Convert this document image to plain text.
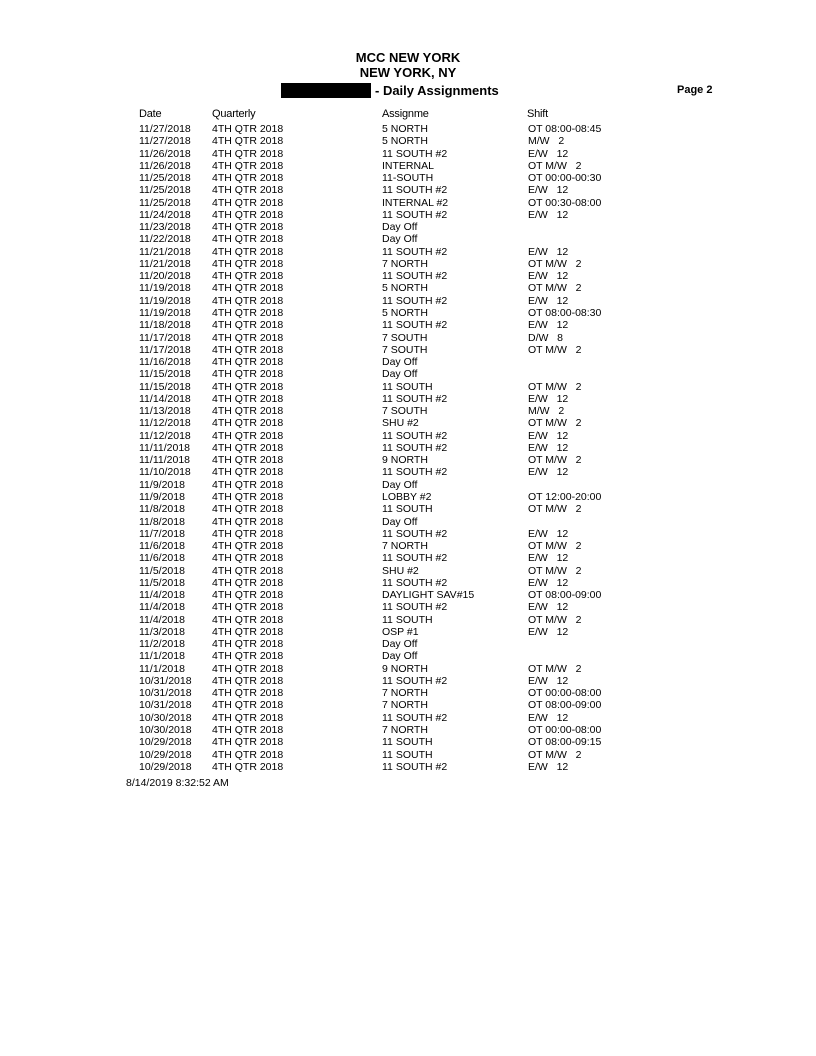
MCC NEW YORK
NEW YORK, NY
- Daily Assignments	Page 2
Date	Quarterly	Assignme	Shift
11/27/2018 4TH QTR 2018	5 NORTH	OT 08:00-08:45
11/27/2018 4TH QTR 2018	5 NORTH	M/W   2
11/26/2018 4TH QTR 2018	11 SOUTH #2	E/W   12
11/26/2018 4TH QTR 2018	INTERNAL	OT M/W   2
11/25/2018 4TH QTR 2018	11-SOUTH	OT 00:00-00:30
11/25/2018 4TH QTR 2018	11 SOUTH #2	E/W   12
11/25/2018 4TH QTR 2018	INTERNAL #2	OT 00:30-08:00
11/24/2018 4TH QTR 2018	11 SOUTH #2	E/W   12
11/23/2018 4TH QTR 2018	Day Off
11/22/2018 4TH QTR 2018	Day Off
11/21/2018 4TH QTR 2018	11 SOUTH #2	E/W   12
11/21/2018 4TH QTR 2018	7 NORTH	OT M/W   2
11/20/2018 4TH QTR 2018	11 SOUTH #2	E/W   12
11/19/2018 4TH QTR 2018	5 NORTH	OT M/W   2
11/19/2018 4TH QTR 2018	11 SOUTH #2	E/W   12
11/19/2018 4TH QTR 2018	5 NORTH	OT 08:00-08:30
11/18/2018 4TH QTR 2018	11 SOUTH #2	E/W   12
11/17/2018 4TH QTR 2018	7 SOUTH	D/W   8
11/17/2018 4TH QTR 2018	7 SOUTH	OT M/W   2
11/16/2018 4TH QTR 2018	Day Off
11/15/2018 4TH QTR 2018	Day Off
11/15/2018 4TH QTR 2018	11 SOUTH	OT M/W   2
11/14/2018 4TH QTR 2018	11 SOUTH #2	E/W   12
11/13/2018 4TH QTR 2018	7 SOUTH	M/W   2
11/12/2018 4TH QTR 2018	SHU #2	OT M/W   2
11/12/2018 4TH QTR 2018	11 SOUTH #2	E/W   12
11/11/2018 4TH QTR 2018	11 SOUTH #2	E/W   12
11/11/2018 4TH QTR 2018	9 NORTH	OT M/W   2
11/10/2018 4TH QTR 2018	11 SOUTH #2	E/W   12
11/9/2018	4TH QTR 2018	Day Off
11/9/2018	4TH QTR 2018	LOBBY #2	OT 12:00-20:00
11/8/2018	4TH QTR 2018	11 SOUTH	OT M/W   2
11/8/2018	4TH QTR 2018	Day Off
11/7/2018	4TH QTR 2018	11 SOUTH #2	E/W   12
11/6/2018	4TH QTR 2018	7 NORTH	OT M/W   2
11/6/2018	4TH QTR 2018	11 SOUTH #2	E/W   12
11/5/2018	4TH QTR 2018	SHU #2	OT M/W   2
11/5/2018	4TH QTR 2018	11 SOUTH #2	E/W   12
11/4/2018	4TH QTR 2018	DAYLIGHT SAV#15	OT 08:00-09:00
11/4/2018	4TH QTR 2018	11 SOUTH #2	E/W   12
11/4/2018	4TH QTR 2018	11 SOUTH	OT M/W   2
11/3/2018	4TH QTR 2018	OSP #1	E/W   12
11/2/2018	4TH QTR 2018	Day Off
11/1/2018	4TH QTR 2018	Day Off
11/1/2018	4TH QTR 2018	9 NORTH	OT M/W   2
10/31/2018 4TH QTR 2018	11 SOUTH #2	E/W   12
10/31/2018 4TH QTR 2018	7 NORTH	OT 00:00-08:00
10/31/2018 4TH QTR 2018	7 NORTH	OT 08:00-09:00
10/30/2018 4TH QTR 2018	11 SOUTH #2	E/W   12
10/30/2018 4TH QTR 2018	7 NORTH	OT 00:00-08:00
10/29/2018 4TH QTR 2018	11 SOUTH	OT 08:00-09:15
10/29/2018 4TH QTR 2018	11 SOUTH	OT M/W   2
10/29/2018 4TH QTR 2018	11 SOUTH #2	E/W   12
8/14/2019 8:32:52 AM
